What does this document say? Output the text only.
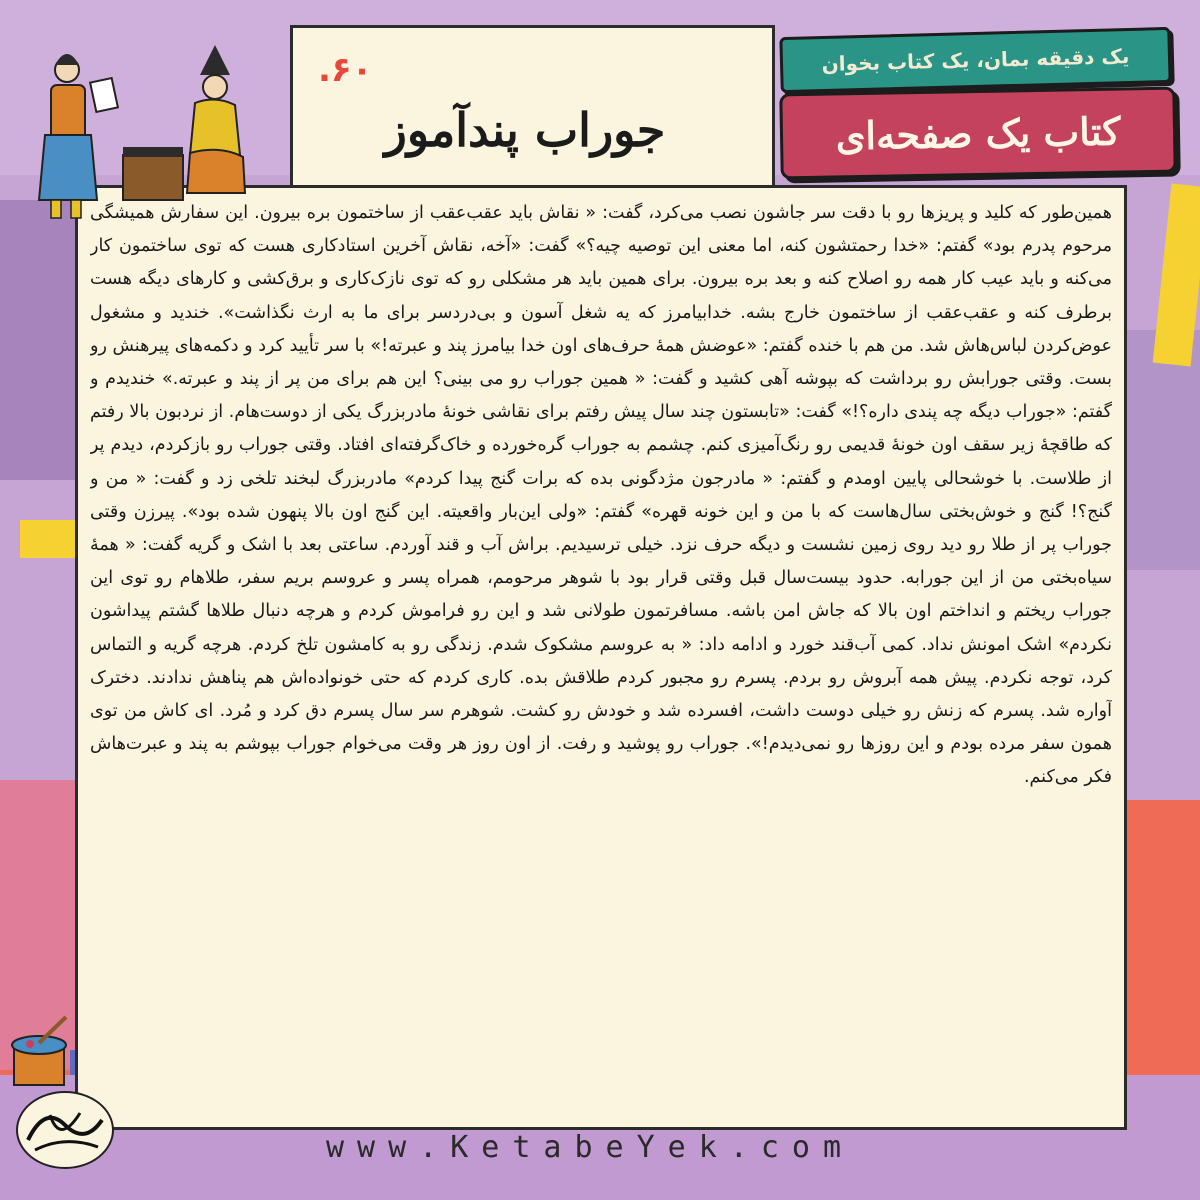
۶۰.
جوراب پندآموز
یک دقیقه بمان، یک کتاب بخوان
کتاب یک صفحه‌ای
همین‌طور که کلید و پریزها رو با دقت سر جاشون نصب می‌کرد، گفت: « نقاش باید عقب‌عقب از ساختمون بره بیرون. این سفارش همیشگی مرحوم پدرم بود» گفتم: «خدا رحمتشون کنه، اما معنی این توصیه چیه؟» گفت: «آخه، نقاش آخرین استادکاری هست که توی ساختمون کار می‌کنه و باید عیب کار همه رو اصلاح کنه و بعد بره بیرون. برای همین باید هر مشکلی رو که توی نازک‌کاری و برق‌کشی و کارهای دیگه هست برطرف کنه و عقب‌عقب از ساختمون خارج بشه. خدابیامرز که یه شغل آسون و بی‌دردسر برای ما به ارث نگذاشت». خندید و مشغول عوض‌کردن لباس‌هاش شد. من هم با خنده گفتم: «عوضش همهٔ حرف‌های اون خدا بیامرز پند و عبرته!» با سر تأیید کرد و دکمه‌های پیرهنش رو بست. وقتی جورابش رو برداشت که بپوشه آهی کشید و گفت: « همین جوراب رو می بینی؟ این هم برای من پر از پند و عبرته.» خندیدم و گفتم: «جوراب دیگه چه پندی داره؟!» گفت: «تابستون چند سال پیش رفتم برای نقاشی خونهٔ مادربزرگ یکی از دوست‌هام. از نردبون بالا رفتم که طاقچهٔ زیر سقف اون خونهٔ قدیمی رو رنگ‌آمیزی کنم. چشمم به جوراب گره‌خورده و خاک‌گرفته‌ای افتاد. وقتی جوراب رو بازکردم، دیدم پر از طلاست. با خوشحالی پایین اومدم و گفتم: « مادرجون مژدگونی بده که برات گنج پیدا کردم» مادربزرگ لبخند تلخی زد و گفت: « من و گنج؟! گنج و خوش‌بختی سال‌هاست که با من و این خونه قهره» گفتم: «ولی این‌بار واقعیته. این گنج اون بالا پنهون شده بود». پیرزن وقتی جوراب پر از طلا رو دید روی زمین نشست و دیگه حرف نزد. خیلی ترسیدیم. براش آب و قند آوردم. ساعتی بعد با اشک و گریه گفت: « همهٔ سیاه‌بختی من از این جورابه. حدود بیست‌سال قبل وقتی قرار بود با شوهر مرحومم، همراه پسر و عروسم بریم سفر، طلاهام رو توی این جوراب ریختم و انداختم اون بالا که جاش امن باشه. مسافرتمون طولانی شد و این رو فراموش کردم و هرچه دنبال طلاها گشتم پیداشون نکردم» اشک امونش نداد. کمی آب‌قند خورد و ادامه داد: « به عروسم مشکوک شدم. زندگی رو به کامشون تلخ کردم. هرچه گریه و التماس کرد، توجه نکردم. پیش همه آبروش رو بردم. پسرم رو مجبور کردم طلاقش بده. کاری کردم که حتی خونواده‌اش هم پناهش ندادند. دخترک آواره شد. پسرم که زنش رو خیلی دوست داشت، افسرده شد و خودش رو کشت. شوهرم سر سال پسرم دق کرد و مُرد. ای کاش من توی همون سفر مرده بودم و این روزها رو نمی‌دیدم!». جوراب رو پوشید و رفت. از اون روز هر وقت می‌خوام جوراب بپوشم به پند و عبرت‌هاش فکر می‌کنم.
www.KetabeYek.com
